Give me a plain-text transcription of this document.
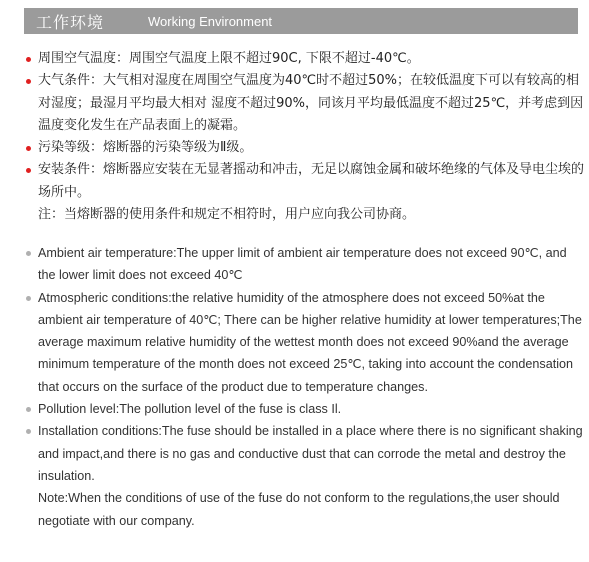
工作环境	Working Environment
周围空气温度：周围空气温度上限不超过90C, 下限不超过-40℃。
大气条件：大气相对湿度在周围空气温度为40℃时不超过50%；在较低温度下可以有较高的相对湿度；最湿月平均最大相对 湿度不超过90%，同该月平均最低温度不超过25℃，并考虑到因温度变化发生在产品表面上的凝霜。
污染等级：熔断器的污染等级为Ⅱ级。
安装条件：熔断器应安装在无显著摇动和冲击，无足以腐蚀金属和破坏绝缘的气体及导电尘埃的场所中。
注：当熔断器的使用条件和规定不相符时，用户应向我公司协商。
Ambient air temperature:The upper limit of ambient air temperature does not exceed 90℃, and the lower limit does not exceed 40℃
Atmospheric conditions:the relative humidity of the atmosphere does not exceed 50%at the ambient air temperature of 40℃; There can be higher relative humidity at lower temperatures;The average maximum relative humidity of the wettest month does not exceed 90%and the average minimum temperature of the month does not exceed 25℃, taking into account the condensation that occurs on the surface of the product due to temperature changes.
Pollution level:The pollution level of the fuse is class Il.
Installation conditions:The fuse should be installed in a place where there is no significant shaking and impact,and there is no gas and conductive dust that can corrode the metal and destroy the insulation.
Note:When the conditions of use of the fuse do not conform to the regulations,the user should negotiate with our company.
